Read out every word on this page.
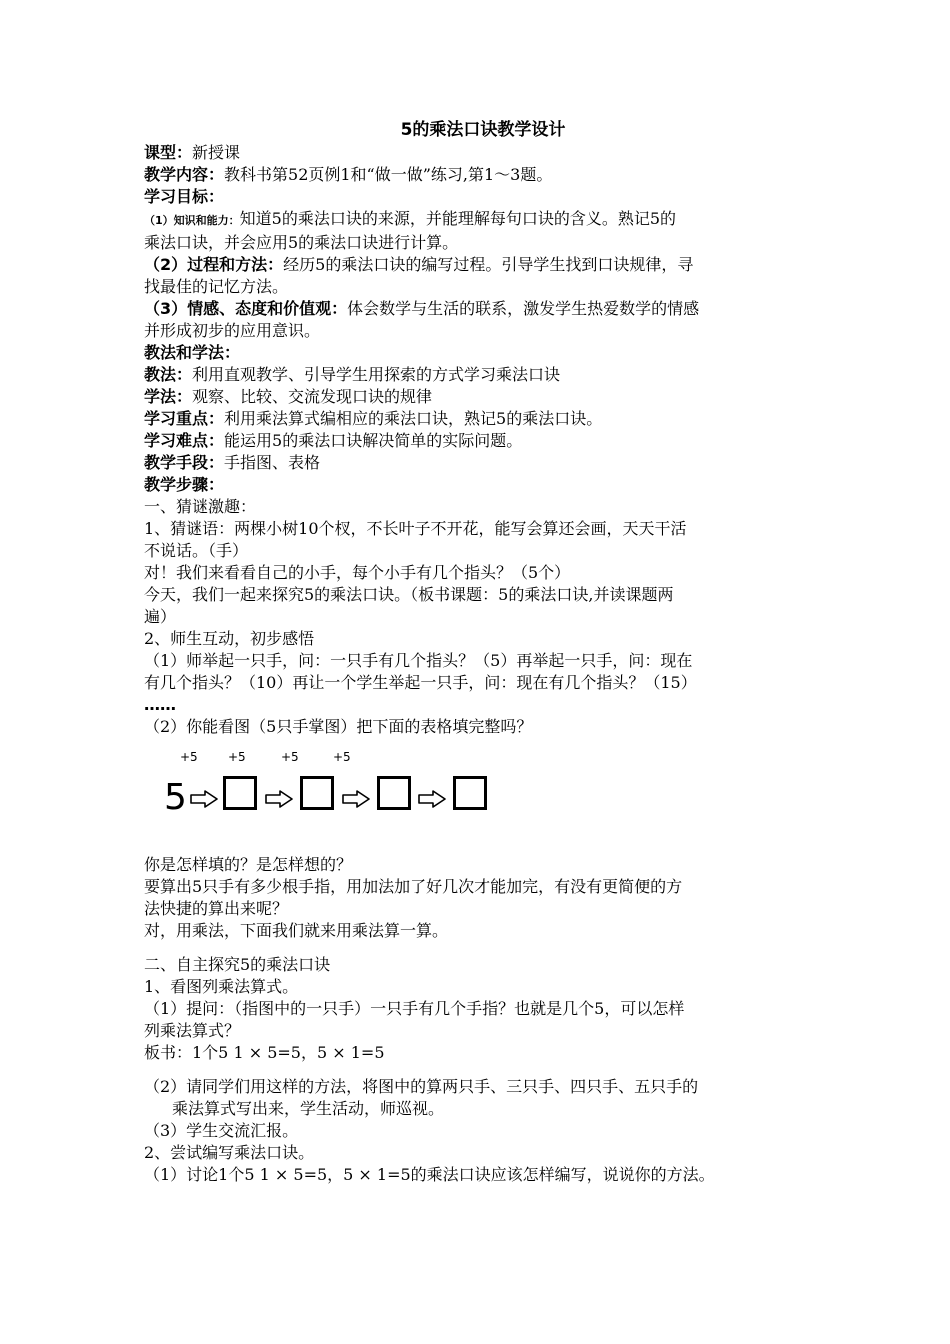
5的乘法口诀教学设计
课型：新授课
教学内容：教科书第52页例1和“做一做”练习,第1～3题。
学习目标：
（1）知识和能力：知道5的乘法口诀的来源，并能理解每句口诀的含义。熟记5的
乘法口诀，并会应用5的乘法口诀进行计算。
（2）过程和方法：经历5的乘法口诀的编写过程。引导学生找到口诀规律，寻
找最佳的记忆方法。
（3）情感、态度和价值观：体会数学与生活的联系，激发学生热爱数学的情感
并形成初步的应用意识。
教法和学法：
教法：利用直观教学、引导学生用探索的方式学习乘法口诀
学法：观察、比较、交流发现口诀的规律
学习重点：利用乘法算式编相应的乘法口诀，熟记5的乘法口诀。
学习难点：能运用5的乘法口诀解决简单的实际问题。
教学手段：手指图、表格
教学步骤：
一、猜谜激趣：
1、猜谜语：两棵小树10个杈，不长叶子不开花，能写会算还会画，天天干活
不说话。（手）
对！我们来看看自己的小手，每个小手有几个指头？（5个）
今天，我们一起来探究5的乘法口诀。（板书课题：5的乘法口诀,并读课题两
遍）
2、师生互动，初步感悟
（1）师举起一只手，问：一只手有几个指头？（5）再举起一只手，问：现在
有几个指头？（10）再让一个学生举起一只手，问：现在有几个指头？（15）
……
（2）你能看图（5只手掌图）把下面的表格填完整吗？
+5	+5	+5	+5
5
你是怎样填的？是怎样想的？
要算出5只手有多少根手指，用加法加了好几次才能加完，有没有更简便的方
法快捷的算出来呢？
对，用乘法，下面我们就来用乘法算一算。
二、自主探究5的乘法口诀
1、看图列乘法算式。
（1）提问：（指图中的一只手）一只手有几个手指？也就是几个5，可以怎样
列乘法算式？
板书：1个5 1 × 5=5，5 × 1=5
（2）请同学们用这样的方法，将图中的算两只手、三只手、四只手、五只手的
乘法算式写出来，学生活动，师巡视。
（3）学生交流汇报。
2、尝试编写乘法口诀。
（1）讨论1个5 1 × 5=5，5 × 1=5的乘法口诀应该怎样编写，说说你的方法。
